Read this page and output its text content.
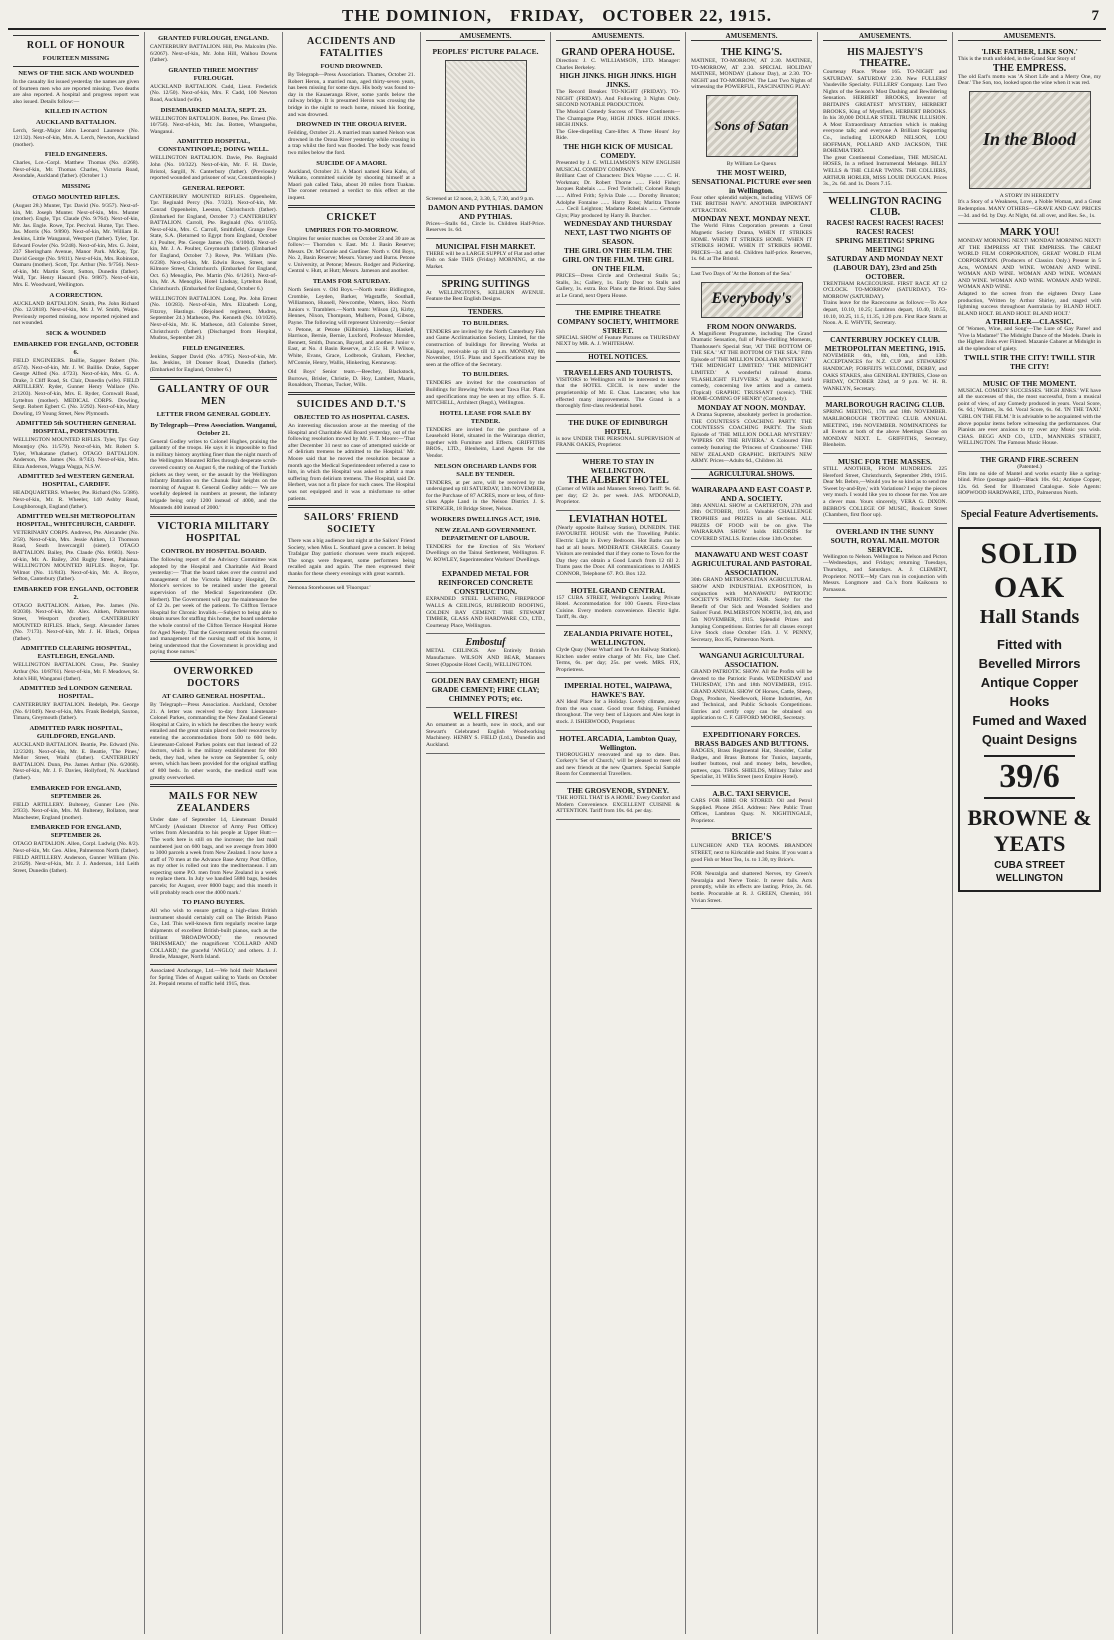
THE DOMINION, FRIDAY, OCTOBER 22, 1915.	7
ROLL OF HONOUR
FOURTEEN MISSING
NEWS OF THE SICK AND WOUNDED

In the casualty list issued yesterday the names are given of fourteen men who are reported missing. Two deaths are also reported. A hospital and progress report was also issued. Details follow:—

KILLED IN ACTION
AUCKLAND BATTALION.

Lerch, Sergt.-Major John Leonard Laurence (No. 12/132). Next-of-kin, Mrs. A. Lerch, Newton, Auckland (mother).

FIELD ENGINEERS.

Charles, Lce.-Corpl. Matthew Thomas (No. 4/268). Next-of-kin, Mr. Thomas Charles, Victoria Road, Avondale, Auckland (father). (October 1.)

MISSING
OTAGO MOUNTED RIFLES.

(August 28.) Munter, Tpr. David (No. 9/357). Next-of-kin, Mr. Joseph Munter. Next-of-kin, Mrs. Munter (mother). Engle, Tpr. Claude (No. 9/764). Next-of-kin, Mr. Jas. Engle. Rowe, Tpr. Percival. Hume, Tpr. Theo. Jas. Morris (No. 9/890). Next-of-kin, Mr. William R. Jenkins, Little Wanganui, Westport (father). Tyler, Tpr. Edward Fowler (No. 9/248). Next-of-kin, Mrs. G. Joint, 237 Sheringham Avenue, Manor Park. McKay, Tpr. David George (No. 9/811). Next-of-kin, Mrs. Robinson, Oamaru (mother). Scott, Tpr. Arthur (No. 9/756). Next-of-kin, Mr. Martin Scott, Sutton, Dunedin (father). Wall, Tpr. Henry Hassard (No. 9/867). Next-of-kin, Mrs. E. Woodward, Wellington.

A CORRECTION.

AUCKLAND BATTALION. Smith, Pte. John Richard (No. 12/2818). Next-of-kin, Mr. J. W. Smith, Waipu. Previously reported missing, now reported rejoined and not wounded.

SICK & WOUNDED
EMBARKED FOR ENGLAND, OCTOBER 6.

FIELD ENGINEERS. Baillie, Sapper Robert (No. 4/574). Next-of-kin, Mr. J. W. Baillie. Drake, Sapper George Alfred (No. 4/723). Next-of-kin, Mrs. G. A. Drake, 3 Cliff Road, St. Clair, Dunedin (wife). FIELD ARTILLERY. Ryder, Gunner Henry Wallace (No. 2/1203). Next-of-kin, Mrs. E. Ryder, Cornwall Road, Lyttelton (mother). MEDICAL CORPS. Dowling, Sergt. Robert Egbert C. (No. 3/292). Next-of-kin, Mary Dowling, 19 Young Street, New Plymouth.

ADMITTED 5th SOUTHERN GENERAL HOSPITAL, PORTSMOUTH.

WELLINGTON MOUNTED RIFLES. Tyler, Tpr. Guy Mountjoy (No. 11/579). Next-of-kin, Mr. Robert S. Tyler, Whakatane (father). OTAGO BATTALION. Anderson, Pte. James (No. 8/743). Next-of-kin, Mrs. Eliza Anderson, Wagga Wagga, N.S.W.

ADMITTED 3rd WESTERN GENERAL HOSPITAL, CARDIFF.

HEADQUARTERS. Wheeler, Pte. Richard (No. 5/386). Next-of-kin, Mr. R. Wheeler, 140 Ashby Road, Loughborough, England (father).

ADMITTED WELSH METROPOLITAN HOSPITAL, WHITCHURCH, CARDIFF.

VETERINARY CORPS. Andrews, Pte. Alexander (No. 2/58). Next-of-kin, Mrs. Jessie Aitken, 13 Thomson Road, South Invercargill (sister). OTAGO BATTALION. Bailey, Pte. Claude (No. 8/683). Next-of-kin, Mr. A. Bailey, 204 Rugby Street, Pahiatua. WELLINGTON MOUNTED RIFLES. Boyce, Tpr. Wilmot (No. 11/843). Next-of-kin, Mr. A. Boyce, Sefton, Canterbury (father).

EMBARKED FOR ENGLAND, OCTOBER 2.

OTAGO BATTALION. Aitken, Pte. James (No. 8/2030). Next-of-kin, Mr. Alex. Aitken, Palmerston Street, Westport (brother). CANTERBURY MOUNTED RIFLES. Black, Sergt. Alexander James (No. 7/173). Next-of-kin, Mr. J. H. Black, Otipua (father).

ADMITTED CLEARING HOSPITAL, EASTLEIGH, ENGLAND.

WELLINGTON BATTALION. Cross, Pte. Stanley Arthur (No. 10/8761). Next-of-kin, Mr. F. Meadows, St. John's Hill, Wanganui (father).

ADMITTED 3rd LONDON GENERAL HOSPITAL.

CANTERBURY BATTALION. Bedelph, Pte. George (No. 6/1049). Next-of-kin, Mrs. Frank Bedelph, Saxton, Timaru, Greymouth (father).

ADMITTED PARK HOSPITAL, GUILDFORD, ENGLAND.

AUCKLAND BATTALION. Beattie, Pte. Edward (No. 12/2320). Next-of-kin, Mr. E. Beattie, 'The Pines,' Mellor Street, Waihi (father). CANTERBURY BATTALION. Dunn, Pte. James Arthur (No. 6/2068). Next-of-kin, Mr. J. F. Davies, Hollyford, N. Auckland (father).

EMBARKED FOR ENGLAND, SEPTEMBER 26.

FIELD ARTILLERY. Bulteney, Gunner Leo (No. 2/933). Next-of-kin, Mrs. M. Bulteney, Bollaton, near Manchester, England (mother).

EMBARKED FOR ENGLAND, SEPTEMBER 26.

OTAGO BATTALION. Allen, Corpl. Ludwig (No. 8/2). Next-of-kin, Mr. Geo. Allen, Palmerston North (father). FIELD ARTILLERY. Anderson, Gunner William (No. 2/1629). Next-of-kin, Mr. J. J. Anderson, 144 Leith Street, Dunedin (father).

GRANTED FURLOUGH, ENGLAND.

CANTERBURY BATTALION. Hill, Pte. Malcolm (No. 6/2067). Next-of-kin, Mr. John Hill, Waihou Downs (father).

GRANTED THREE MONTHS' FURLOUGH.

AUCKLAND BATTALION. Cadd, Lieut. Frederick (No. 12/50). Next-of-kin, Mrs. F. Cadd, 100 Newton Road, Auckland (wife).

DISEMBARKED MALTA, SEPT. 23.

WELLINGTON BATTALION. Botten, Pte. Ernest (No. 10/756). Next-of-kin, Mr. Jas. Botten, Whangaehu, Wanganui.

ADMITTED HOSPITAL, CONSTANTINOPLE; DOING WELL.

WELLINGTON BATTALION. Davie, Pte. Reginald John (No. 10/322). Next-of-kin, Mr. F. H. Davie, Bristol, Sargill, N. Canterbury (father). (Previously reported wounded and prisoner of war, Constantinople.)

GENERAL REPORT.

CANTERBURY MOUNTED RIFLES. Oppenheim, Tpr. Reginald Percy (No. 7/323). Next-of-kin, Mr. Conrad Oppenheim, Leeston, Christchurch (father). (Embarked for England, October 7.) CANTERBURY BATTALION. Carroll, Pte. Reginald (No. 6/1105). Next-of-kin, Mrs. C. Carroll, Smithfield, Grange Free State, S.A. (Returned to Egypt from England, October 4.) Poulter, Pte. George James (No. 6/1004). Next-of-kin, Mr. J. A. Poulter, Greymouth (father). (Embarked for England, October 7.) Rowe, Pte. William (No. 6/238). Next-of-kin, Mr. Edwin Rowe, Street, near Kilmore Street, Christchurch. (Embarked for England, Oct. 6.) Menoglio, Pte. Martin (No. 6/1261). Next-of-kin, Mr. A. Menoglio, Hotel Lindsay, Lyttelton Road, Christchurch. (Embarked for England, October 6.)

WELLINGTON BATTALION. Long, Pte. John Ernest (No. 10/283). Next-of-kin, Mrs. Elizabeth Long, Fitzroy, Hastings. (Rejoined regiment, Mudros, September 24.) Matheson, Pte. Kenneth (No. 10/1026). Next-of-kin, Mr. K. Matheson, 443 Colombo Street, Christchurch (father). (Discharged from Hospital, Mudros, September 28.)

FIELD ENGINEERS.

Jenkins, Sapper David (No. 4/795). Next-of-kin, Mr. Jas. Jenkins, 18 Donner Road, Dunedin (father). (Embarked for England, October 6.)

GALLANTRY OF OUR MEN
LETTER FROM GENERAL GODLEY.
By Telegraph—Press Association. Wanganui, October 21.

General Godley writes to Colonel Hughes, praising the gallantry of the troops. He says it is impossible to find in military history anything finer than the night march of the Wellington Mounted Rifles through desperate scrub-covered country on August 6, the rushing of the Turkish pickets as they went, or the assault by the Wellington Infantry Battalion on the Chunuk Bair heights on the morning of August 8. General Godley adds:— 'We are woefully depleted in numbers at present, the infantry brigade being only 1200 instead of 4000, and the Mounteds 400 instead of 2000.'

VICTORIA MILITARY HOSPITAL
CONTROL BY HOSPITAL BOARD.

The following report of the Advisory Committee was adopted by the Hospital and Charitable Aid Board yesterday:— 'That the board takes over the control and management of the Victoria Military Hospital, Dr. Morice's services to be retained under the general supervision of the Medical Superintendent (Dr. Herbert). The Government will pay the maintenance fee of £2 2s. per week of the patients. To Cliffton Terrace Hospital for Chronic Invalids.—Subject to being able to obtain nurses for staffing this home, the board undertake the whole control of the Clifton Terrace Hospital Home for Aged Needy. That the Government retain the control and management of the nursing staff of this home, it being understood that the Government is providing and paying those nurses.'

OVERWORKED DOCTORS
AT CAIRO GENERAL HOSPITAL.

By Telegraph—Press Association. Auckland, October 21. A letter was received to-day from Lieutenant-Colonel Parkes, commanding the New Zealand General Hospital at Cairo, in which he describes the heavy work entailed and the great strain placed on their resources by entering the accommodation from 500 to 600 beds. Lieutenant-Colonel Parkes points out that instead of 22 doctors, which is the military establishment for 600 beds, they had, when he wrote on September 5, only seven, which has been provided for the original staffing of 800 beds. In other words, the medical staff was greatly overworked.

MAILS FOR NEW ZEALANDERS

Under date of September 14, Lieutenant Donald M'Curdy (Assistant Director of Army Post Office) writes from Alexandria to his people at Upper Hutt:— 'The work here is still on the increase; the last mail numbered just on 600 bags, and we average from 3000 to 3000 parcels a week from New Zealand. I now have a staff of 70 men at the Advance Base Army Post Office, as my other is rolled out into the mediterranean. I am expecting some P.O. men from New Zealand in a week to replace them. In July we handled 5880 bags, besides parcels; for August, over 8000 bags; and this month it will probably reach over the 4000 mark.'

TO PIANO BUYERS.

All who wish to ensure getting a high-class British instrument should certainly call on The British Piano Co., Ltd. This well-known firm regularly receive large shipments of excellent British-built pianos, such as the brilliant 'BROADWOOD,' the renowned 'BRINSMEAD,' the magnificent 'COLLARD AND COLLARD,' the graceful 'ANGLO,' and others. J. J. Brodie, Manager, North Island.

Associated Anchorage, Ltd.—We hold their Mackerel for Spring Tides of August sailing to Yards on October 24. Prepaid returns of traffic held 1915, thus.

ACCIDENTS AND FATALITIES
FOUND DROWNED.

By Telegraph—Press Association. Thames, October 21. Robert Heron, a married man, aged thirty-seven years, has been missing for some days. His body was found to-day in the Kauaeranga River, some yards below the railway bridge. It is presumed Heron was crossing the bridge in the night to reach home, missed his footing, and was drowned.

DROWNED IN THE OROUA RIVER.

Feilding, October 21. A married man named Nelson was drowned in the Oroua River yesterday while crossing in a trap whilst the ford was flooded. The body was found two miles below the ford.

SUICIDE OF A MAORI.

Auckland, October 21. A Maori named Keta Kahu, of Waikato, committed suicide by shooting himself at a Maori pah called Taka, about 20 miles from Tuakau. The coroner returned a verdict to this effect at the inquest.

CRICKET
UMPIRES FOR TO-MORROW.

Umpires for senior matches on October 23 and 30 are as follow:— Thorndon v. East. Mr. J. Basin Reserve; Messrs. Dr. M'Connie and Gardiner. North v. Old Boys, No. 2, Basin Reserve; Messrs. Varney and Burns. Petone v. University, at Petone; Messrs. Rodger and Pickering. Central v. Hutt, at Hutt; Messrs. Jameson and another.

TEAMS FOR SATURDAY.

North Seniors v. Old Boys.—North team: Bidlington, Crombie, Leyden, Barker, Wagstaffe, Southall, Williamson, Hussell, Newcombe, Waters, Hoo. North Juniors v. Tramblers.—North team: Wilson (2), Kirby, Hennes, Nixon, Thompson, Mulhern, Pound, Gibson, Payne. The following will represent University.—Senior v. Petone, at Petone (Kilbirnie). Lindsay, Haskell, Harrison, Bernie, Bernie, Luxford, Professor Morsden, Bennett, Smith, Duncan, Bayard, and another. Junior v. East, at No. 4 Basin Reserve, at 2.15: H. P. Wilson, White, Evans, Grace, Lodbrook, Graham, Fletcher, M'Connie, Henry, Wallis, Hinkering, Kennaway.

Old Boys' Senior team.—Beechey, Blackstock, Burrows, Brisler, Christie, D. Hoy, Lambert, Maaris, Ronaldson, Thomas, Tucker, Wills.

SUICIDES AND D.T.'S
OBJECTED TO AS HOSPITAL CASES.

An interesting discussion arose at the meeting of the Hospital and Charitable Aid Board yesterday, out of the following resolution moved by Mr. F. T. Moore:—'That after December 31 next no case of attempted suicide or of delirium tremens be admitted to the Hospital.' Mr. Moore said that he moved the resolution because a month ago the Medical Superintendent referred a case to him, in which the Hospital was asked to admit a man suffering from delirium tremens. The Hospital, said Dr. Herbert, was not a fit place for such cases. The Hospital was not equipped and it was a misfortune to other patients.

SAILORS' FRIEND SOCIETY

There was a big audience last night at the Sailors' Friend Society, when Miss L. Southard gave a concert. It being Trafalgar Day patriotic choruses were much enjoyed. The songs were frequent, some performers being recalled again and again. The men expressed their thanks for these cheery evenings with great warmth.

Nemona Storehouses sell 'Fluorspar.'

AMUSEMENTS.
PEOPLES' PICTURE PALACE.
Screened at 12 noon, 2, 3.30, 5, 7.30, and 9 p.m.
DAMON AND PYTHIAS. DAMON AND PYTHIAS.
Prices—Stalls 6d., Circle 1s. Children Half-Price. Reserves 1s. 6d.
MUNICIPAL FISH MARKET.
THERE will be a LARGE SUPPLY of Flat and other Fish on Sale THIS (Friday) MORNING, at the Market.
SPRING SUITINGS
At WELLINGTON'S, KELBURN AVENUE. Feature the Best English Designs.
TENDERS.
TO BUILDERS.

TENDERS are invited by the North Canterbury Fish and Game Acclimatisation Society, Limited, for the construction of buildings for Brewing Works at Kaiapoi, receivable up till 12 a.m. MONDAY, 8th November, 1915. Plans and Specifications may be seen at the office of the Secretary.

TO BUILDERS.

TENDERS are invited for the construction of Buildings for Brewing Works near Tawa Flat. Plans and specifications may be seen at my office. S. E. MITCHELL, Architect (Regd.), Wellington.

HOTEL LEASE FOR SALE BY TENDER.

TENDERS are invited for the purchase of a Leasehold Hotel, situated in the Wairarapa district, together with Furniture and Effects. GRIFFITHS BROS., LTD., Blenheim, Land Agents for the Vendor.

NELSON ORCHARD LANDS FOR SALE BY TENDER.

TENDERS, at per acre, will be received by the undersigned up till SATURDAY, 13th NOVEMBER, for the Purchase of 87 ACRES, more or less, of first-class Apple Land in the Nelson District. J. S. STRINGER, 18 Bridge Street, Nelson.

WORKERS DWELLINGS ACT, 1910.
NEW ZEALAND GOVERNMENT. DEPARTMENT OF LABOUR.

TENDERS for the Erection of Six Workers' Dwellings on the Tainui Settlement, Wellington. F. W. ROWLEY, Superintendent Workers' Dwellings.

EXPANDED METAL FOR REINFORCED CONCRETE CONSTRUCTION.
EXPANDED STEEL LATHING, FIREPROOF WALLS & CEILINGS, RUBEROID ROOFING, GOLDEN BAY CEMENT. THE STEWART TIMBER, GLASS AND HARDWARE CO., LTD., Courtenay Place, Wellington.
Embostuf
METAL CEILINGS. Are Entirely British Manufacture. WILSON AND BEAR, Manners Street (Opposite Hotel Cecil), WELLINGTON.
GOLDEN BAY CEMENT; HIGH GRADE CEMENT; FIRE CLAY; CHIMNEY POTS; etc.
WELL FIRES!
An ornament as a hearth, now in stock, and our Stewart's Celebrated English Woodworking Machinery. HENRY S. FIELD (Ltd.), Dunedin and Auckland.
AMUSEMENTS.
GRAND OPERA HOUSE.
Direction: J. C. WILLIAMSON, LTD. Manager: Charles Berkeley.
HIGH JINKS. HIGH JINKS. HIGH JINKS.
The Record Breaker. TO-NIGHT (FRIDAY). TO-NIGHT (FRIDAY). And Following 3 Nights Only. SECOND NOTABLE PRODUCTION.
The Musical Comedy Success of Three Continents—The Champagne Play, HIGH JINKS. HIGH JINKS. HIGH JINKS.
The Glee-dispelling Care-lifter. A Three Hours' Joy Ride.
THE HIGH KICK OF MUSICAL COMEDY.
Presented by J. C. WILLIAMSON'S NEW ENGLISH MUSICAL COMEDY COMPANY.
Brilliant Cast of Characters: Dick Wayne ........ C. H. Workman; Dr. Robert Thorne ...... Field Fisher; Jacques Rabelais ...... Fred Twitchell; Colonel Rough ...... Alfred Frith; Sylvia Dale ...... Dorothy Brunton; Adolphe Fontaine ...... Harry Ross; Maritza Thome ...... Cecil Leighton; Madame Rabelais ...... Gertrude Glyn; Play produced by Harry B. Burcher.
WEDNESDAY AND THURSDAY NEXT, LAST TWO NIGHTS OF SEASON.
THE GIRL ON THE FILM. THE GIRL ON THE FILM. THE GIRL ON THE FILM.
PRICES—Dress Circle and Orchestral Stalls 5s.; Stalls, 3s.; Gallery, 1s. Early Door to Stalls and Gallery, 1s. extra. Box Plans at the Bristol. Day Sales at Le Grand, next Opera House.
THE EMPIRE THEATRE COMPANY SOCIETY, WHITMORE STREET.
SPECIAL SHOW of Feature Pictures on THURSDAY NEXT by MR. A. J. WHITEHAW.
HOTEL NOTICES.
TRAVELLERS AND TOURISTS.
VISITORS to Wellington will be interested to know that the HOTEL CECIL is now under the proprietorship of Mr. E. Chas. Lancaster, who has effected many improvements. The Grand is a thoroughly first-class residential hotel.
THE DUKE OF EDINBURGH HOTEL
is now UNDER THE PERSONAL SUPERVISION of FRANK OAKES, Proprietor.
WHERE TO STAY IN WELLINGTON.
THE ALBERT HOTEL
(Corner of Willis and Manners Streets). Tariff: 9s. 6d. per day; £2 2s. per week. JAS. M'DONALD, Proprietor.
LEVIATHAN HOTEL
(Nearly opposite Railway Station), DUNEDIN. THE FAVOURITE HOUSE with the Travelling Public. Electric Light in Every Bedroom. Hot Baths can be had at all hours. MODERATE CHARGES. Country Visitors are reminded that if they come to Town for the Day they can obtain a Good Lunch from 12 till 2. Trams pass the Door. All communications to JAMES CONNOR, Telephone 67. P.O. Box 122.
HOTEL GRAND CENTRAL
157 CUBA STREET, Wellington's Leading Private Hotel. Accommodation for 100 Guests. First-class Cuisine. Every modern convenience. Electric light. Tariff, 8s. day.
ZEALANDIA PRIVATE HOTEL, WELLINGTON.
Clyde Quay (Near Wharf and Te Aro Railway Station). Kitchen under entire charge of Mr. Fix, late Chef. Terms, 6s. per day; 25s. per week. MRS. FIX, Proprietress.
IMPERIAL HOTEL, WAIPAWA, HAWKE'S BAY.
AN Ideal Place for a Holiday. Lovely climate, away from the sea coast. Good trout fishing. Furnished throughout. The very best of Liquors and Ales kept in stock. J. ISHERWOOD, Proprietor.
HOTEL ARCADIA, Lambton Quay, Wellington.
THOROUGHLY renovated and up to date. Bus. Corkery's 'Set of Church,' will be pleased to meet old and new friends at the new Quarters. Special Sample Room for Commercial Travellers.
THE GROSVENOR, SYDNEY.
'THE HOTEL THAT IS A HOME.' Every Comfort and Modern Convenience. EXCELLENT CUISINE & ATTENTION. Tariff from 10s. 6d. per day.
AMUSEMENTS.
THE KING'S.
MATINEE, TO-MORROW, AT 2.30. MATINEE, TO-MORROW, AT 2.30. SPECIAL HOLIDAY MATINEE, MONDAY (Labour Day), at 2.30. TO-NIGHT and TO-MORROW. The Last Two Nights of witnessing the POWERFUL, FASCINATING PLAY:
Sons of Satan
By William Le Queux
THE MOST WEIRD, SENSATIONAL PICTURE ever seen in Wellington.
Four other splendid subjects, including VIEWS OF THE BRITISH NAVY. ANOTHER IMPORTANT ATTRACTION.
MONDAY NEXT. MONDAY NEXT.
The World Films Corporation presents a Great Magnetic Society Drama, WHEN IT STRIKES HOME. WHEN IT STRIKES HOME. WHEN IT STRIKES HOME. WHEN IT STRIKES HOME. PRICES—3d. and 6d. Children half-price. Reserves, 1s. 6d. at The Bristol.
Last Two Days of 'At the Bottom of the Sea.'
Everybody's
FROM NOON ONWARDS.
A Magnificent Programme, including The Grand Dramatic Sensation, full of Pulse-thrilling Moments, Thanhouser's Special Star, 'AT THE BOTTOM OF THE SEA.' 'AT THE BOTTOM OF THE SEA.' Fifth Episode of 'THE MILLION DOLLAR MYSTERY.'
'THE MIDNIGHT LIMITED.' 'THE MIDNIGHT LIMITED.' A wonderful railroad drama. 'FLASHLIGHT FLIVVERS.' A laughable, lurid comedy, concerning live artists and a camera. (Topical) GRAPHIC TRUSSANT (scenic). 'THE HOME-COMING OF HENRY' (Comedy).
MONDAY AT NOON. MONDAY.
A Drama Supreme, absolutely perfect in production. THE COUNTESS'S COACHING PARTY. THE COUNTESS'S COACHING PARTY. The Sixth Episode of 'THE MILLION DOLLAR MYSTERY.' 'WIPERS ON THE RIVIERA.' A Coloured Film comedy featuring the 'Princess of Cranbourne.' THE NEW ZEALAND GRAPHIC. BRITAIN'S NEW ARMY. Prices—Adults 6d., Children 3d.
AGRICULTURAL SHOWS.
WAIRARAPA AND EAST COAST P. AND A. SOCIETY.
38th ANNUAL SHOW at CARTERTON, 27th and 28th OCTOBER, 1915. Valuable CHALLENGE TROPHIES and PRIZES in all Sections. ALL PRIZES OF FOOD will be on give. The WAIRARAPA SHOW holds RECORDS for COVERED STALLS. Entries close 13th October.
MANAWATU AND WEST COAST AGRICULTURAL AND PASTORAL ASSOCIATION.
30th GRAND METROPOLITAN AGRICULTURAL SHOW AND INDUSTRIAL EXPOSITION, In conjunction with MANAWATU PATRIOTIC SOCIETY'S PATRIOTIC FAIR. Solely for the Benefit of Our Sick and Wounded Soldiers and Sailors' Fund. PALMERSTON NORTH, 3rd, 4th, and 5th NOVEMBER, 1915. Splendid Prizes and Jumping Competitions. Entries for all classes except Live Stock close October 15th. J. V. PENNY, Secretary, Box 85, Palmerston North.
WANGANUI AGRICULTURAL ASSOCIATION.
GRAND PATRIOTIC SHOW. All the Profits will be devoted to the Patriotic Funds. WEDNESDAY and THURSDAY, 17th and 18th NOVEMBER, 1915. GRAND ANNUAL SHOW Of Horses, Cattle, Sheep, Dogs, Produce, Needlework, Home Industries, Art and Technical, and Public Schools Competitions. Entries and certify copy can be obtained on application to C. F. GIFFORD MOORE, Secretary.
EXPEDITIONARY FORCES. BRASS BADGES AND BUTTONS.
BADGES, Brass Regimental Hat, Shoulder, Collar Badges, and Brass Buttons for Tunics, lanyards, leather buttons, real and money belts, bewdlen, puttees, caps. THOS. SHIELDS, Military Tailor and Specialist, 31 Willis Street (next Empire Hotel).
A.B.C. TAXI SERVICE.
CARS FOR HIRE OR STORED. Oil and Petrol Supplied. Phone 2854. Address: New Public Trust Offices, Lambton Quay. N. NIGHTINGALE, Proprietor.
BRICE'S
LUNCHEON AND TEA ROOMS. BRANDON STREET, next to Kirkcaldie and Stains. If you want a good Fish or Meat Tea, 1s. to 1.30, try Brice's.
FOR Neuralgia and shattered Nerves, try Green's Neuralgia and Nerve Tonic. It never fails. Acts promptly, while its effects are lasting. Price, 2s. 6d. bottle. Procurable at R. J. GREEN, Chemist, 161 Vivian Street.
AMUSEMENTS.
HIS MAJESTY'S THEATRE.
Courtenay Place. 'Phone 165. TO-NIGHT and SATURDAY. SATURDAY 2.30. New FULLERS' Vaudeville Specialty. FULLERS' Company. Last Two Nights of the Season's Most Dashing and Bewildering Sensation. HERBERT BROOKS, Inventor of BRITAIN'S GREATEST MYSTERY, HERBERT BROOKS, King of Mystifiers, HERBERT BROOKS. In his 30,000 DOLLAR STEEL TRUNK ILLUSION. A Most Extraordinary Attraction which is making everyone talk; and everyone A Brilliant Supporting Co., including LEONARD NELSON, LOU HOFFMAN, POLLARD AND JACKSON, THE BOHEMIA TRIO.
The great Continental Comedians, THE MUSICAL HOSES, In a refined Instrumental Melange. BILLY WELLS & THE CLEAR TWINS. THE COLLIERS, ARTHUR HORLER, MISS LOUIE DUGGAN. Prices 3s., 2s. 6d. and 1s. Doors 7.15.
WELLINGTON RACING CLUB.
RACES! RACES! RACES! RACES! RACES! RACES!
SPRING MEETING! SPRING MEETING!
SATURDAY AND MONDAY NEXT (LABOUR DAY), 23rd and 25th OCTOBER.
TRENTHAM RACECOURSE. FIRST RACE AT 12 O'CLOCK. TO-MORROW (SATURDAY). TO-MORROW (SATURDAY).
Trains leave for the Racecourse as follows:—To Ace depart, 10.10, 10.25; Lambton depart, 10.40, 10.55, 10.10, 10.25, 11.5, 11.35, 1.20 p.m. First Race Starts at Noon. A. E. WHYTE, Secretary.
CANTERBURY JOCKEY CLUB.
METROPOLITAN MEETING, 1915.
NOVEMBER 6th, 8th, 10th, and 13th. ACCEPTANCES for N.Z. CUP and STEWARDS' HANDICAP; FORFEITS WELCOME, DERBY, and OAKS STAKES, also GENERAL ENTRIES, Close on FRIDAY, OCTOBER 22nd, at 9 p.m. W. H. R. WANKLYN, Secretary.
MARLBOROUGH RACING CLUB.
SPRING MEETING, 17th and 18th NOVEMBER. MARLBOROUGH TROTTING CLUB. ANNUAL MEETING, 19th NOVEMBER. NOMINATIONS for all Events at both of the above Meetings Close on MONDAY NEXT. L. GRIFFITHS, Secretary, Blenheim.
MUSIC FOR THE MASSES.
STILL ANOTHER, FROM HUNDREDS. 225 Hereford Street, Christchurch, September 29th, 1915. Dear Mr. Bebro,—Would you be so kind as to send me 'Sweet by-and-Bye,' with Variations? I enjoy the pieces very much. I would like you to choose for me. You are a clever man. Yours sincerely, VERA G. DIXON. BEBRO'S COLLEGE OF MUSIC, Boulcott Street (Chambers, first floor up).
OVERLAND IN THE SUNNY SOUTH, ROYAL MAIL MOTOR SERVICE.
Wellington to Nelson. Wellington to Nelson and Picton—Wednesdays, and Fridays; returning Tuesdays, Thursdays, and Saturdays. A. J. CLEMENT, Proprietor. NOTE—My Cars run in conjunction with Messrs. Longmore and Co.'s from Kaikoura to Parnassus.
AMUSEMENTS.
'LIKE FATHER, LIKE SON.'
This is the truth unfolded, in the Grand Star Story of
THE EMPRESS.
The old Earl's motto was 'A Short Life and a Merry One, my Dear.' The Son, too, looked upon the wine when it was red.
In the Blood
A STORY IN HEREDITY
It's a Story of a Weakness, Love, a Noble Woman, and a Great Redemption. MANY OTHERS—GRAVE AND GAY. PRICES—3d. and 6d. by Day. At Night, 6d. all over, and Res. Se., 1s.
MARK YOU!
MONDAY MORNING NEXT! MONDAY MORNING NEXT! AT THE EMPRESS AT THE EMPRESS. The GREAT WORLD FILM CORPORATION, GREAT WORLD FILM CORPORATION. (Producers of Classics Only.) Present in 5 Acts, WOMAN AND WINE. WOMAN AND WINE. WOMAN AND WINE. WOMAN AND WINE. WOMAN AND WINE. WOMAN AND WINE. WOMAN AND WINE. WOMAN AND WINE.
Adapted to the screen from the eighteen Drury Lane production, 'Written by Arthur Shirley, and staged with lightning success throughout Australasia by BLAND HOLT. BLAND HOLT. BLAND HOLT. BLAND HOLT.'
A THRILLER—CLASSIC.
Of 'Women, Wine, and Song'—The Lure of Gay Paree! and 'Vive la Madame!' The Midnight Dance of the Models. Duels in the Highest Jinks ever Filmed. Mazanie Cabaret at Midnight in all the splendour of gaiety.
TWILL STIR THE CITY! TWILL STIR THE CITY!
MUSIC OF THE MOMENT.
MUSICAL COMEDY SUCCESSES. 'HIGH JINKS.' WE have all the successes of this, the most successful, from a musical point of view, of any Comedy produced in years. Vocal Score, 6s. 6d.; Waltzes, 3s. 6d. Vocal Score, 6s. 6d. 'IN THE TAXI.' 'GIRL ON THE FILM.' It is advisable to be acquainted with the above popular items before witnessing the performances. Our Pianists are ever anxious to try over any Music you wish. CHAS. BEGG AND CO., LTD., MANNERS STREET, WELLINGTON. The Famous Music House.
THE GRAND FIRE-SCREEN
(Patented.)
Fits into no side of Mantel and works exactly like a spring-blind. Price (postage paid)—Black 10s. 6d.; Antique Copper, 12s. 6d. Send for Illustrated Catalogue. Sole Agents: HOPWOOD HARDWARE, LTD., Palmerston North.
Special Feature Advertisements.
SOLID OAK
Hall Stands
Fitted with
Bevelled Mirrors
Antique Copper Hooks
Fumed and Waxed
Quaint Designs
39/6
BROWNE & YEATS
CUBA STREET
WELLINGTON
